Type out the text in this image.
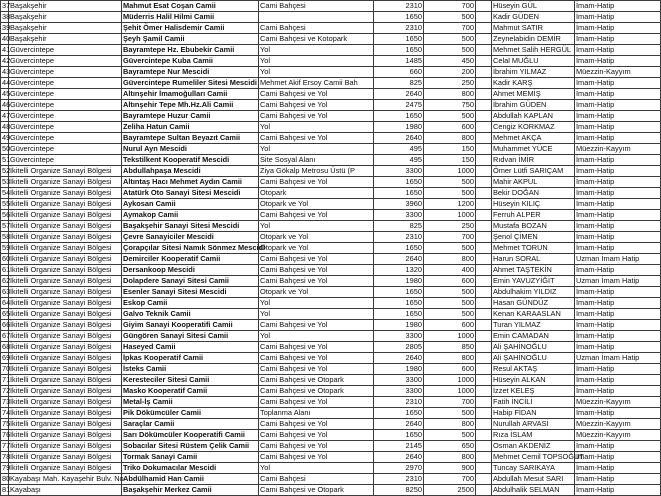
37	Başakşehir	Mahmut Esat Coşan Camii	Cami Bahçesi	2310	700		Hüseyin GÜL	İmam-Hatip
38	Başakşehir	Müderris Halil Hilmi Camii		1650	500		Kadir GÜDEN	İmam-Hatip
39	Başakşehir	Şehit Ömer Halisdemir Camii	Cami Bahçesi	2310	700		Mahmut SATIR	İmam-Hatip
40	Başakşehir	Şeyh Şamil Camii	Cami Bahçesi ve Kotopark	1650	500		Zeynelabidin DEMİR	İmam-Hatip
41	Güvercintepe	Bayramtepe Hz. Ebubekir Camii	Yol	1650	500		Mehmet Salih HERGÜL	İmam-Hatip
42	Güvercintepe	Güvercintepe Kuba Camii	Yol	1485	450		Celal MUĞLU	İmam-Hatip
43	Güvercintepe	Bayramtepe Nur Mescidi	Yol	660	200		İbrahim YILMAZ	Müezzin-Kayyım
44	Güvercintepe	Güvercintepe Rumeliler Sitesi Mescidi	Mehmet Akif Ersoy Camii Bah	825	250		Kadir KARŞ	İmam-Hatip
45	Güvercintepe	Altınşehir İmamoğulları Camii	Cami Bahçesi ve Yol	2640	800		Ahmet MEMİŞ	İmam-Hatip
46	Güvercintepe	Altınşehir Tepe Mh.Hz.Ali Camii	Cami Bahçesi ve Yol	2475	750		İbrahim GÜDEN	İmam-Hatip
47	Güvercintepe	Bayramtepe Huzur Camii	Cami Bahçesi ve Yol	1650	500		Abdullah KAPLAN	İmam-Hatip
48	Güvercintepe	Zeliha Hatun Camii	Yol	1980	600		Cengiz KORKMAZ	İmam-Hatip
49	Güvercintepe	Bayramtepe Sultan Beyazıt Camii	Cami Bahçesi ve Yol	2640	800		Mehmet AKÇA	İmam-Hatip
50	Güvercintepe	Nurul Ayn Mescidi	Yol	495	150		Muhammet YÜCE	Müezzin-Kayyım
51	Güvercintepe	Tekstilkent Kooperatif Mescidi	Site Sosyal Alanı	495	150		Rıdvan İMİR	İmam-Hatip
52	İkitelli Organize Sanayi Bölgesi	Abdullahpaşa Mescidi	Ziya Gökalp Metrosu Üstü (P	3300	1000		Ömer Lütfi SARIÇAM	İmam-Hatip
53	İkitelli Organize Sanayi Bölgesi	Altıntaş Hacı Mehmet Aydın Camii	Cami Bahçesi ve Yol	1650	500		Mahir AKPUL	İmam-Hatip
54	İkitelli Organize Sanayi Bölgesi	Atatürk Oto Sanayi Sitesi Mescidi	Otopark	1650	500		Bekir DOĞAN	İmam-Hatip
55	İkitelli Organize Sanayi Bölgesi	Aykosan Camii	Otopark ve Yol	3960	1200		Hüseyin KILIÇ	İmam-Hatip
56	İkitelli Organize Sanayi Bölgesi	Aymakop Camii	Cami Bahçesi ve Yol	3300	1000		Ferruh ALPER	İmam-Hatip
57	İkitelli Organize Sanayi Bölgesi	Başakşehir Sanayi Sitesi Mescidi	Yol	825	250		Mustafa BOZAN	İmam-Hatip
58	İkitelli Organize Sanayi Bölgesi	Çevre Sanayiciler Mescidi	Otopark ve Yol	2310	700		Şenol ÇİMEN	İmam-Hatip
59	İkitelli Organize Sanayi Bölgesi	Çorapçılar Sitesi Namık Sönmez Mescidi	Otopark ve Yol	1650	500		Mehmet TORUN	İmam-Hatip
60	İkitelli Organize Sanayi Bölgesi	Demirciler Kooperatif Camii	Cami Bahçesi ve Yol	2640	800		Harun SORAL	Uzman İmam Hatip
61	İkitelli Organize Sanayi Bölgesi	Dersankoop Mescidi	Cami Bahçesi ve Yol	1320	400		Ahmet TAŞTEKİN	İmam-Hatip
62	İkitelli Organize Sanayi Bölgesi	Dolapdere Sanayi Sitesi Camii	Cami Bahçesi ve Yol	1980	600		Emin YAVUZYİĞİT	Uzman İmam Hatip
63	İkitelli Organize Sanayi Bölgesi	Esenler Sanayi Sitesi Mescidi	Otopark ve Yol	1650	500		Abdulhakim YILDIZ	İmam-Hatip
64	İkitelli Organize Sanayi Bölgesi	Eskop Camii	Yol	1650	500		Hasan GÜNDÜZ	İmam-Hatip
65	İkitelli Organize Sanayi Bölgesi	Galvo Teknik Camii	Yol	1650	500		Kenan KARAASLAN	İmam-Hatip
66	İkitelli Organize Sanayi Bölgesi	Giyim Sanayi Kooperatifi Camii	Cami Bahçesi ve Yol	1980	600		Turan YILMAZ	İmam-Hatip
67	İkitelli Organize Sanayi Bölgesi	Güngören Sanayi Sitesi Camii	Yol	3300	1000		Emin CAMADAN	İmam-Hatip
68	İkitelli Organize Sanayi Bölgesi	Haseyed Camii	Cami Bahçesi ve Yol	2805	850		Ali ŞAHİNOĞLU	İmam-Hatip
69	İkitelli Organize Sanayi Bölgesi	İpkas Kooperatif Camii	Cami Bahçesi ve Yol	2640	800		Ali ŞAHİNOĞLU	Uzman İmam Hatip
70	İkitelli Organize Sanayi Bölgesi	İsteks Camii	Cami Bahçesi ve Yol	1980	600		Resul AKTAŞ	İmam-Hatip
71	İkitelli Organize Sanayi Bölgesi	Keresteciler Sitesi Camii	Cami Bahçesi ve Otopark	3300	1000		Hüseyin ALKAN	İmam-Hatip
72	İkitelli Organize Sanayi Bölgesi	Masko Kooperatif Camii	Cami Bahçesi ve Otopark	3300	1000		İzzet KELEŞ	İmam-Hatip
73	İkitelli Organize Sanayi Bölgesi	Metal-İş Camii	Cami Bahçesi ve Yol	2310	700		Fatih İNCİLİ	Müezzin-Kayyım
74	İkitelli Organize Sanayi Bölgesi	Pik Dökümcüler Camii	Toplanma Alanı	1650	500		Habip FİDAN	İmam-Hatip
75	İkitelli Organize Sanayi Bölgesi	Saraçlar Camii	Cami Bahçesi ve Yol	2640	800		Nurullah ARVASİ	Müezzin-Kayyım
76	İkitelli Organize Sanayi Bölgesi	Sarı Dökümcüler Kooperatifi Camii	Cami Bahçesi ve Yol	1650	500		Rıza İSLAM	Müezzin-Kayyım
77	İkitelli Organize Sanayi Bölgesi	Sobacılar Sitesi Rüstem Çelik Camii	Cami Bahçesi ve Yol	2145	650		Osman AKDENİZ	İmam-Hatip
78	İkitelli Organize Sanayi Bölgesi	Tormak Sanayi Camii	Cami Bahçesi ve Yol	2640	800		Mehmet Cemil TOPSOĞUT	İmam-Hatip
79	İkitelli Organize Sanayi Bölgesi	Triko Dokumacılar Mescidi	Yol	2970	900		Tuncay SARIKAYA	İmam-Hatip
80	Kayabaşı Mah. Kayaşehir Bulv. No	Abdülhamid Han Camii	Cami Bahçesi	2310	700		Abdullah Mesut SARI	İmam-Hatip
81	Kayabaşı	Başakşehir Merkez Camii	Cami Bahçesi ve Otopark	8250	2500		Abdulhalik SELMAN	İmam-Hatip
